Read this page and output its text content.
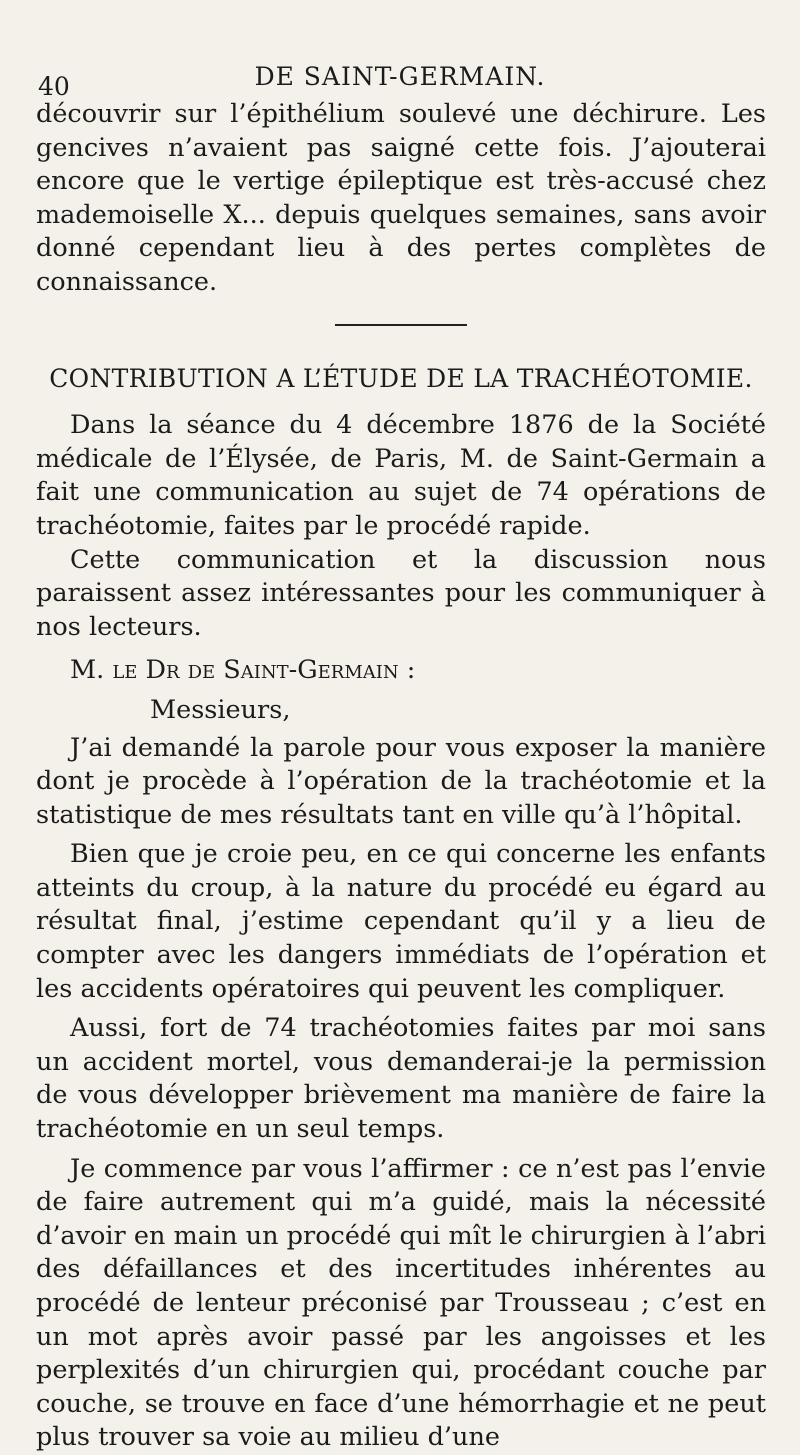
40	DE SAINT-GERMAIN.

découvrir sur l’épithélium soulevé une déchirure. Les gencives n’avaient pas saigné cette fois. J’ajouterai encore que le vertige épileptique est très-accusé chez mademoiselle X... depuis quelques semaines, sans avoir donné cependant lieu à des pertes complètes de connaissance.

CONTRIBUTION A L’ÉTUDE DE LA TRACHÉOTOMIE.

Dans la séance du 4 décembre 1876 de la Société médicale de l’Élysée, de Paris, M. de Saint-Germain a fait une communication au sujet de 74 opérations de trachéotomie, faites par le procédé rapide.

Cette communication et la discussion nous paraissent assez intéressantes pour les communiquer à nos lecteurs.

M. le Dr de Saint-Germain :
Messieurs,

J’ai demandé la parole pour vous exposer la manière dont je procède à l’opération de la trachéotomie et la statistique de mes résultats tant en ville qu’à l’hôpital.

Bien que je croie peu, en ce qui concerne les enfants atteints du croup, à la nature du procédé eu égard au résultat final, j’estime cependant qu’il y a lieu de compter avec les dangers immédiats de l’opération et les accidents opératoires qui peuvent les compliquer.

Aussi, fort de 74 trachéotomies faites par moi sans un accident mortel, vous demanderai-je la permission de vous développer brièvement ma manière de faire la trachéotomie en un seul temps.

Je commence par vous l’affirmer : ce n’est pas l’envie de faire autrement qui m’a guidé, mais la nécessité d’avoir en main un procédé qui mît le chirurgien à l’abri des défaillances et des incertitudes inhérentes au procédé de lenteur préconisé par Trousseau ; c’est en un mot après avoir passé par les angoisses et les perplexités d’un chirurgien qui, procédant couche par couche, se trouve en face d’une hémorrhagie et ne peut plus trouver sa voie au milieu d’une
